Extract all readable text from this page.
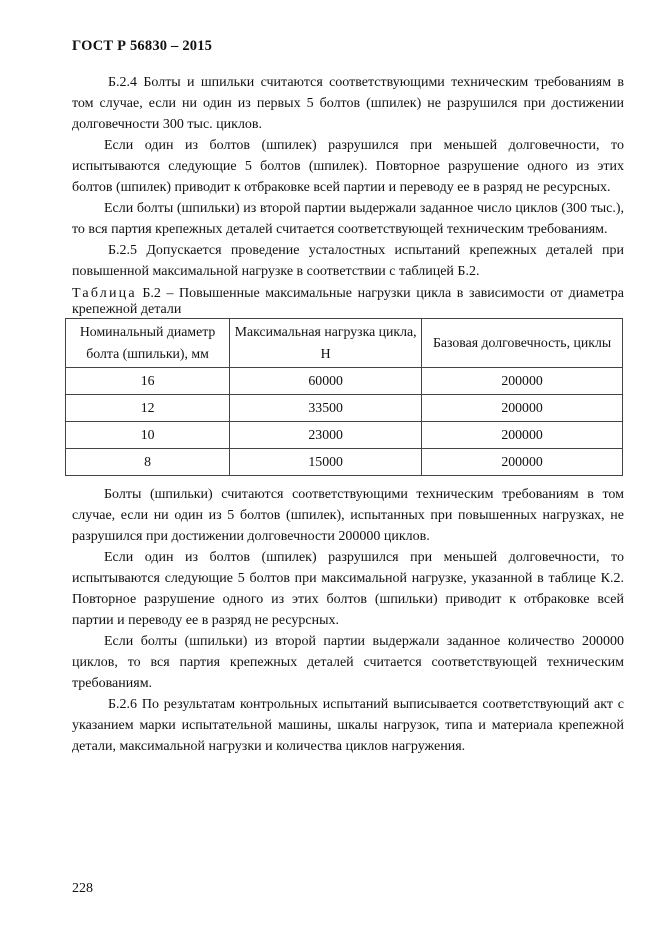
ГОСТ Р 56830 – 2015

Б.2.4 Болты и шпильки считаются соответствующими техническим требованиям в том случае, если ни один из первых 5 болтов (шпилек) не разрушился при достижении долговечности 300 тыс. циклов.

Если один из болтов (шпилек) разрушился при меньшей долговечности, то испытываются следующие 5 болтов (шпилек). Повторное разрушение одного из этих болтов (шпилек) приводит к отбраковке всей партии и переводу ее в разряд не ресурсных.

Если болты (шпильки) из второй партии выдержали заданное число циклов (300 тыс.), то вся партия крепежных деталей считается соответствующей техническим требованиям.

Б.2.5 Допускается проведение усталостных испытаний крепежных деталей при повышенной максимальной нагрузке в соответствии с таблицей Б.2.

Таблица Б.2 – Повышенные максимальные нагрузки цикла в зависимости от диаметра крепежной детали

Номинальный диаметр болта (шпильки), мм	Максимальная нагрузка цикла, Н	Базовая долговечность, циклы
16	60000	200000
12	33500	200000
10	23000	200000
8	15000	200000

Болты (шпильки) считаются соответствующими техническим требованиям в том случае, если ни один из 5 болтов (шпилек), испытанных при повышенных нагрузках, не разрушился при достижении долговечности 200000 циклов.

Если один из болтов (шпилек) разрушился при меньшей долговечности, то испытываются следующие 5 болтов при максимальной нагрузке, указанной в таблице К.2. Повторное разрушение одного из этих болтов (шпильки) приводит к отбраковке всей партии и переводу ее в разряд не ресурсных.

Если болты (шпильки) из второй партии выдержали заданное количество 200000 циклов, то вся партия крепежных деталей считается соответствующей техническим требованиям.

Б.2.6 По результатам контрольных испытаний выписывается соответствующий акт с указанием марки испытательной машины, шкалы нагрузок, типа и материала крепежной детали, максимальной нагрузки и количества циклов нагружения.

228
